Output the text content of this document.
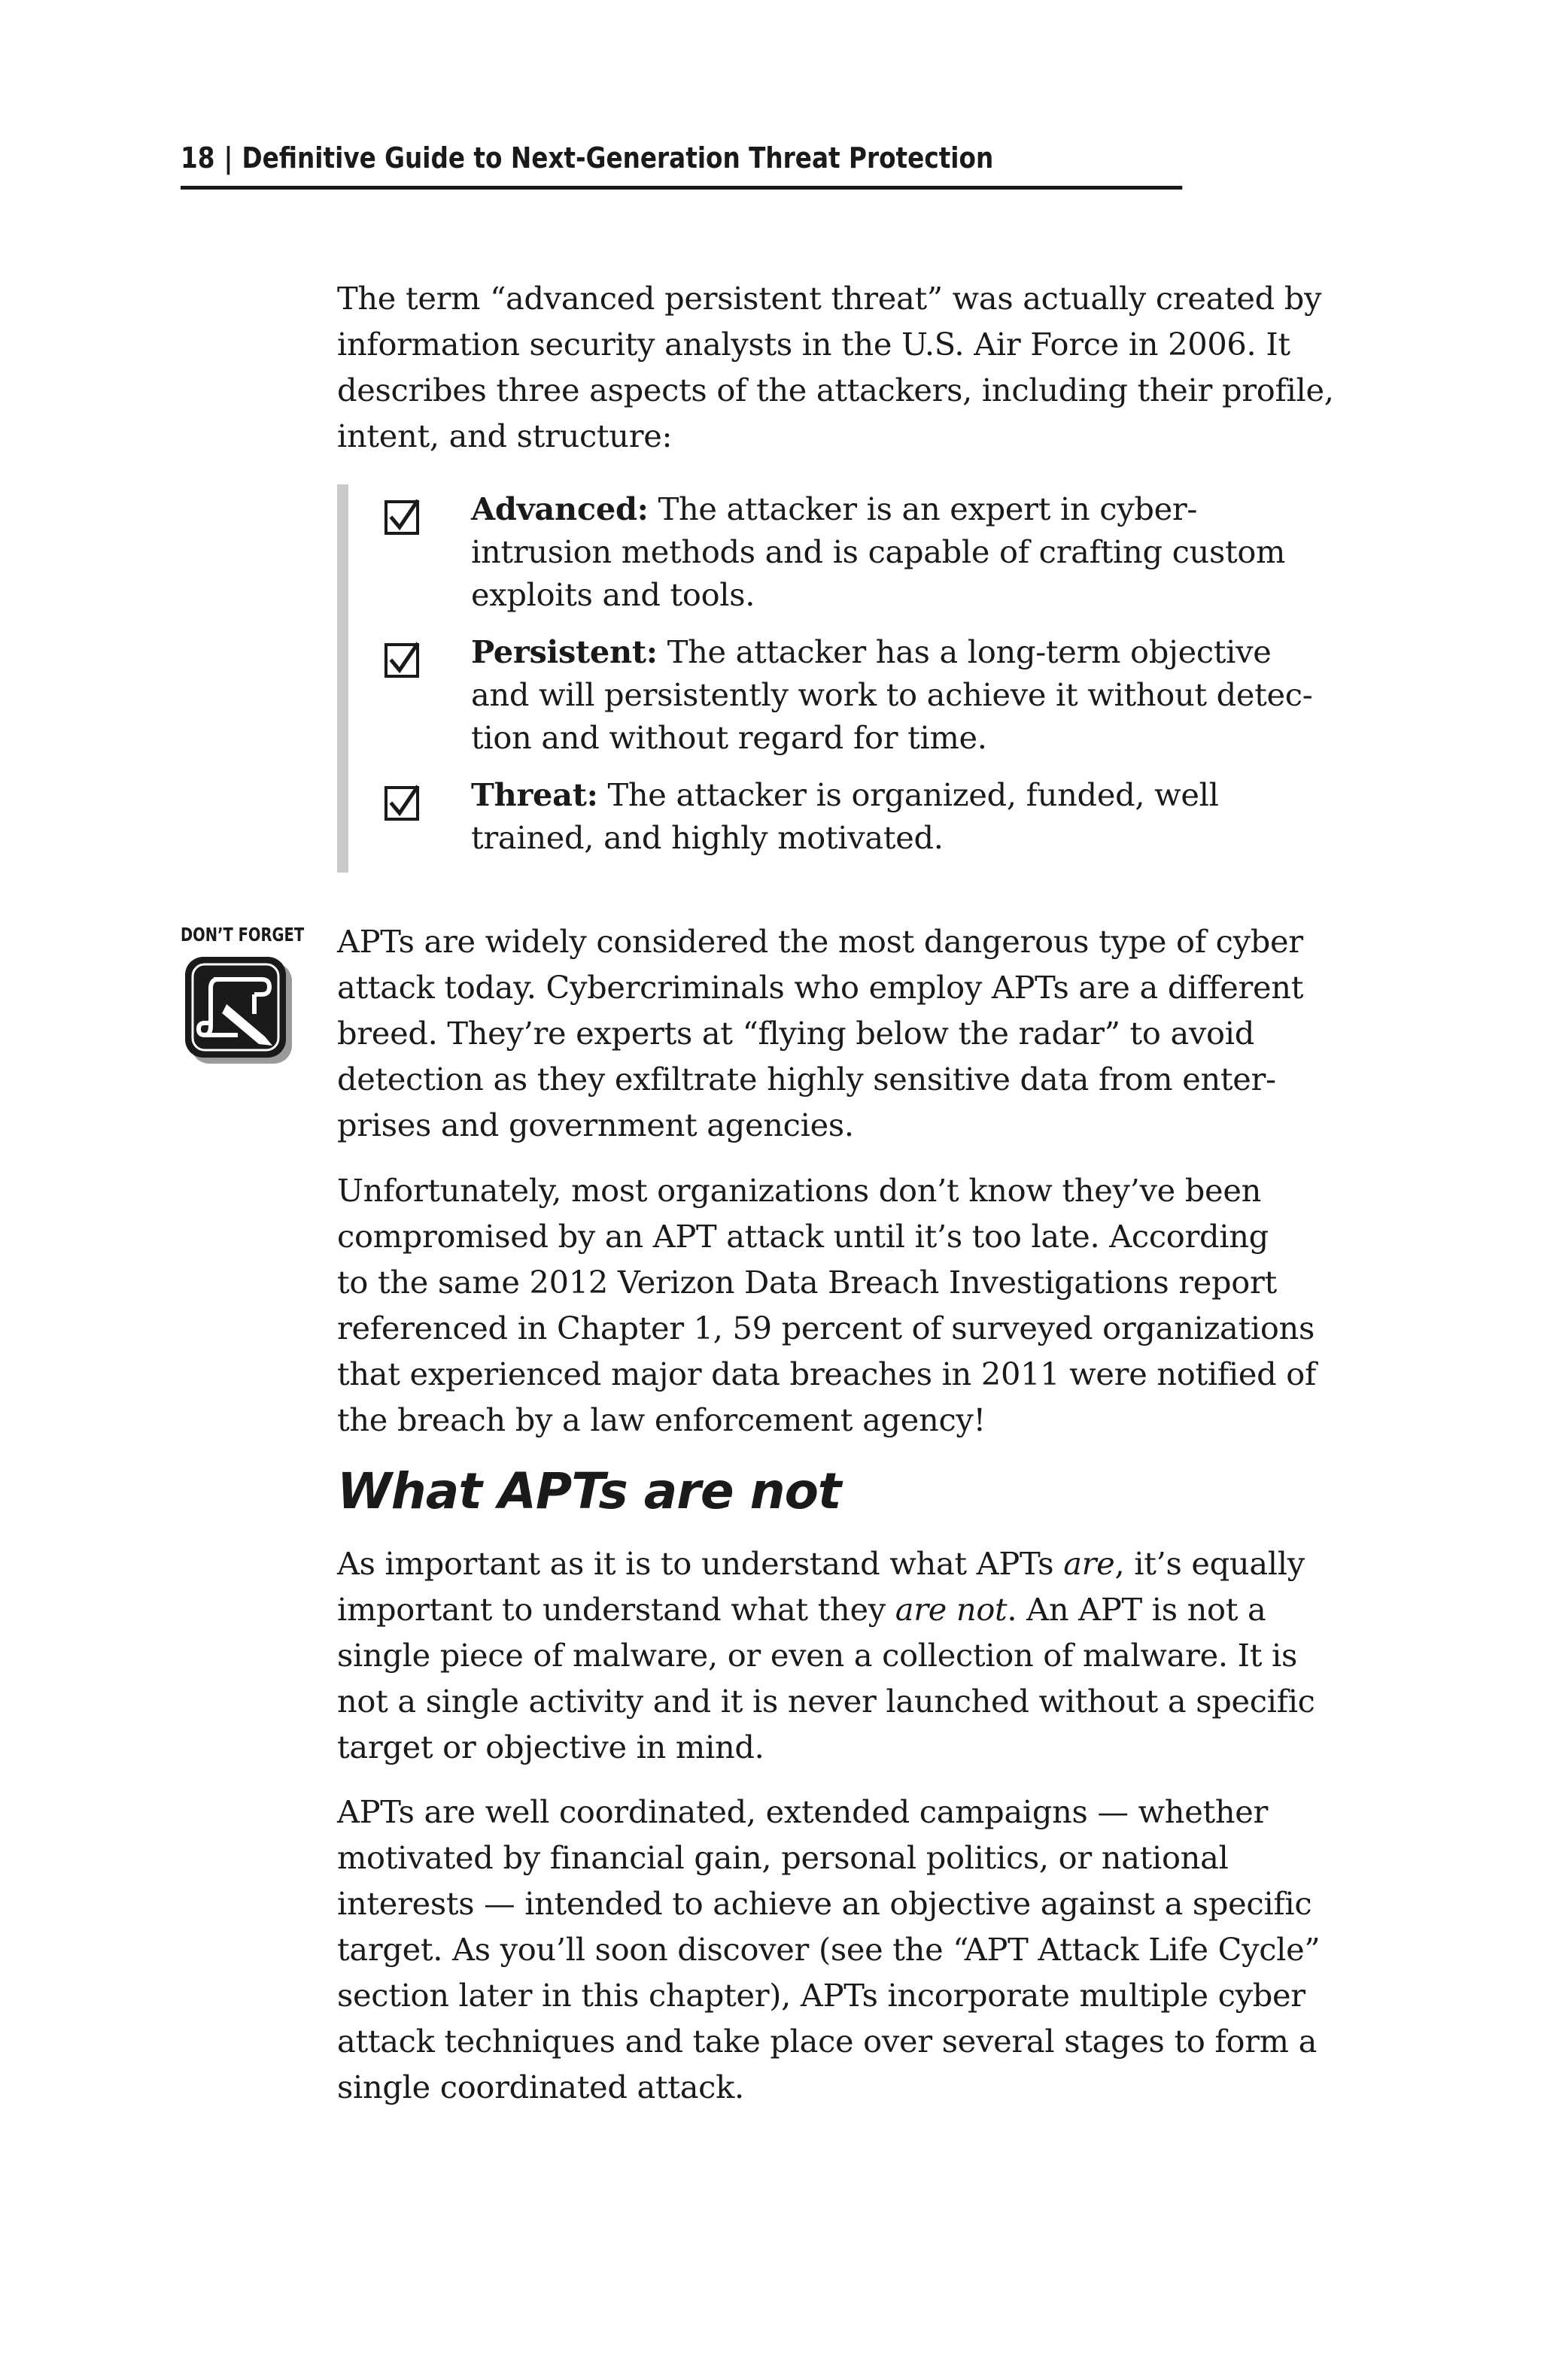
18 | Definitive Guide to Next-Generation Threat Protection

The term “advanced persistent threat” was actually created by
information security analysts in the U.S. Air Force in 2006. It
describes three aspects of the attackers, including their profile,
intent, and structure:

Advanced: The attacker is an expert in cyber-
intrusion methods and is capable of crafting custom
exploits and tools.
Persistent: The attacker has a long-term objective
and will persistently work to achieve it without detec-
tion and without regard for time.
Threat: The attacker is organized, funded, well
trained, and highly motivated.
DON’T FORGET APTs are widely considered the most dangerous type of cyber
attack today. Cybercriminals who employ APTs are a different
breed. They’re experts at “flying below the radar” to avoid
detection as they exfiltrate highly sensitive data from enter-
prises and government agencies.

Unfortunately, most organizations don’t know they’ve been
compromised by an APT attack until it’s too late. According
to the same 2012 Verizon Data Breach Investigations report
referenced in Chapter 1, 59 percent of surveyed organizations
that experienced major data breaches in 2011 were notified of
the breach by a law enforcement agency!

What APTs are not

As important as it is to understand what APTs are, it’s equally
important to understand what they are not. An APT is not a
single piece of malware, or even a collection of malware. It is
not a single activity and it is never launched without a specific
target or objective in mind.

APTs are well coordinated, extended campaigns — whether
motivated by financial gain, personal politics, or national
interests — intended to achieve an objective against a specific
target. As you’ll soon discover (see the “APT Attack Life Cycle”
section later in this chapter), APTs incorporate multiple cyber
attack techniques and take place over several stages to form a
single coordinated attack.
